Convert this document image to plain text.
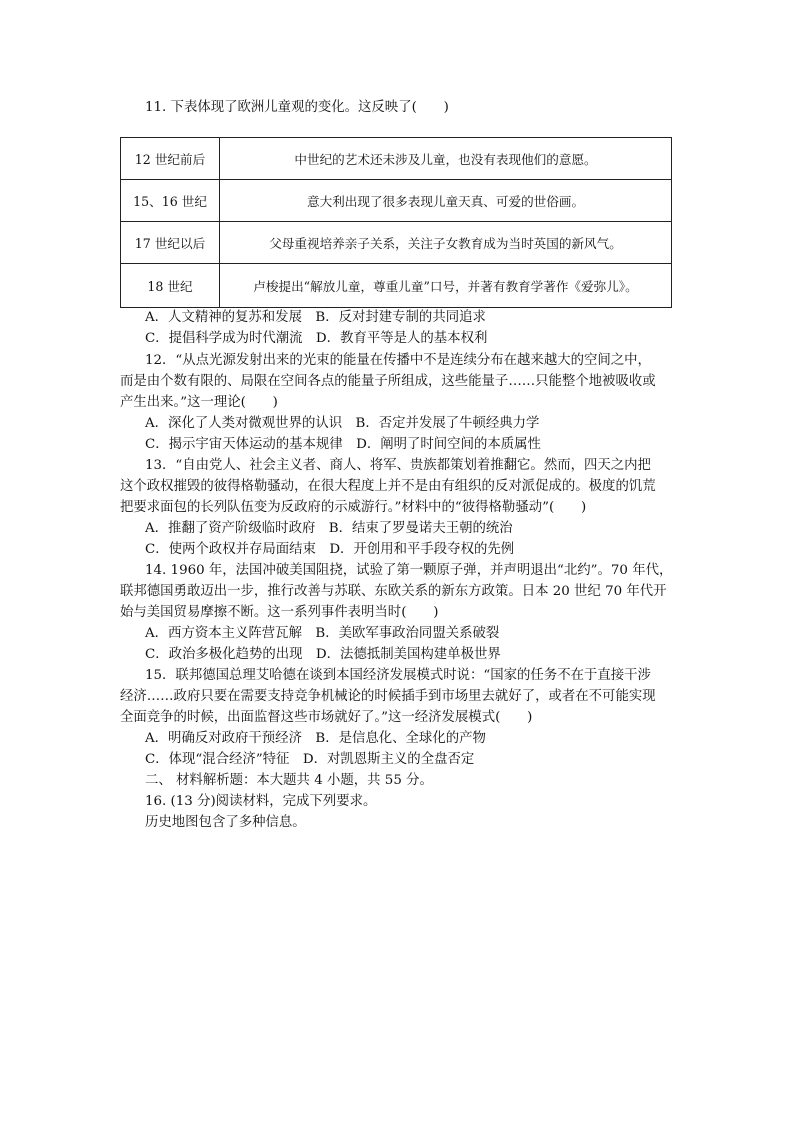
11. 下表体现了欧洲儿童观的变化。这反映了(　　)
12 世纪前后	中世纪的艺术还未涉及儿童，也没有表现他们的意愿。
15、16 世纪	意大利出现了很多表现儿童天真、可爱的世俗画。
17 世纪以后	父母重视培养亲子关系，关注子女教育成为当时英国的新风气。
18 世纪	卢梭提出“解放儿童，尊重儿童”口号，并著有教育学著作《爱弥儿》。
A．人文精神的复苏和发展　B．反对封建专制的共同追求
C．提倡科学成为时代潮流　D．教育平等是人的基本权利
12．“从点光源发射出来的光束的能量在传播中不是连续分布在越来越大的空间之中，
而是由个数有限的、局限在空间各点的能量子所组成，这些能量子……只能整个地被吸收或
产生出来。”这一理论(　　)
A．深化了人类对微观世界的认识　B．否定并发展了牛顿经典力学
C．揭示宇宙天体运动的基本规律　D．阐明了时间空间的本质属性
13．“自由党人、社会主义者、商人、将军、贵族都策划着推翻它。然而，四天之内把
这个政权摧毁的彼得格勒骚动，在很大程度上并不是由有组织的反对派促成的。极度的饥荒
把要求面包的长列队伍变为反政府的示威游行。”材料中的“彼得格勒骚动”(　　)
A．推翻了资产阶级临时政府　B．结束了罗曼诺夫王朝的统治
C．使两个政权并存局面结束　D．开创用和平手段夺权的先例
14. 1960 年，法国冲破美国阻挠，试验了第一颗原子弹，并声明退出“北约”。70 年代，
联邦德国勇敢迈出一步，推行改善与苏联、东欧关系的新东方政策。日本 20 世纪 70 年代开
始与美国贸易摩擦不断。这一系列事件表明当时(　　)
A．西方资本主义阵营瓦解　B．美欧军事政治同盟关系破裂
C．政治多极化趋势的出现　D．法德抵制美国构建单极世界
15．联邦德国总理艾哈德在谈到本国经济发展模式时说：“国家的任务不在于直接干涉
经济……政府只要在需要支持竞争机械论的时候插手到市场里去就好了，或者在不可能实现
全面竞争的时候，出面监督这些市场就好了。”这一经济发展模式(　　)
A．明确反对政府干预经济　B．是信息化、全球化的产物
C．体现“混合经济”特征　D．对凯恩斯主义的全盘否定
二、 材料解析题：本大题共 4 小题，共 55 分。
16. (13 分)阅读材料，完成下列要求。
历史地图包含了多种信息。
